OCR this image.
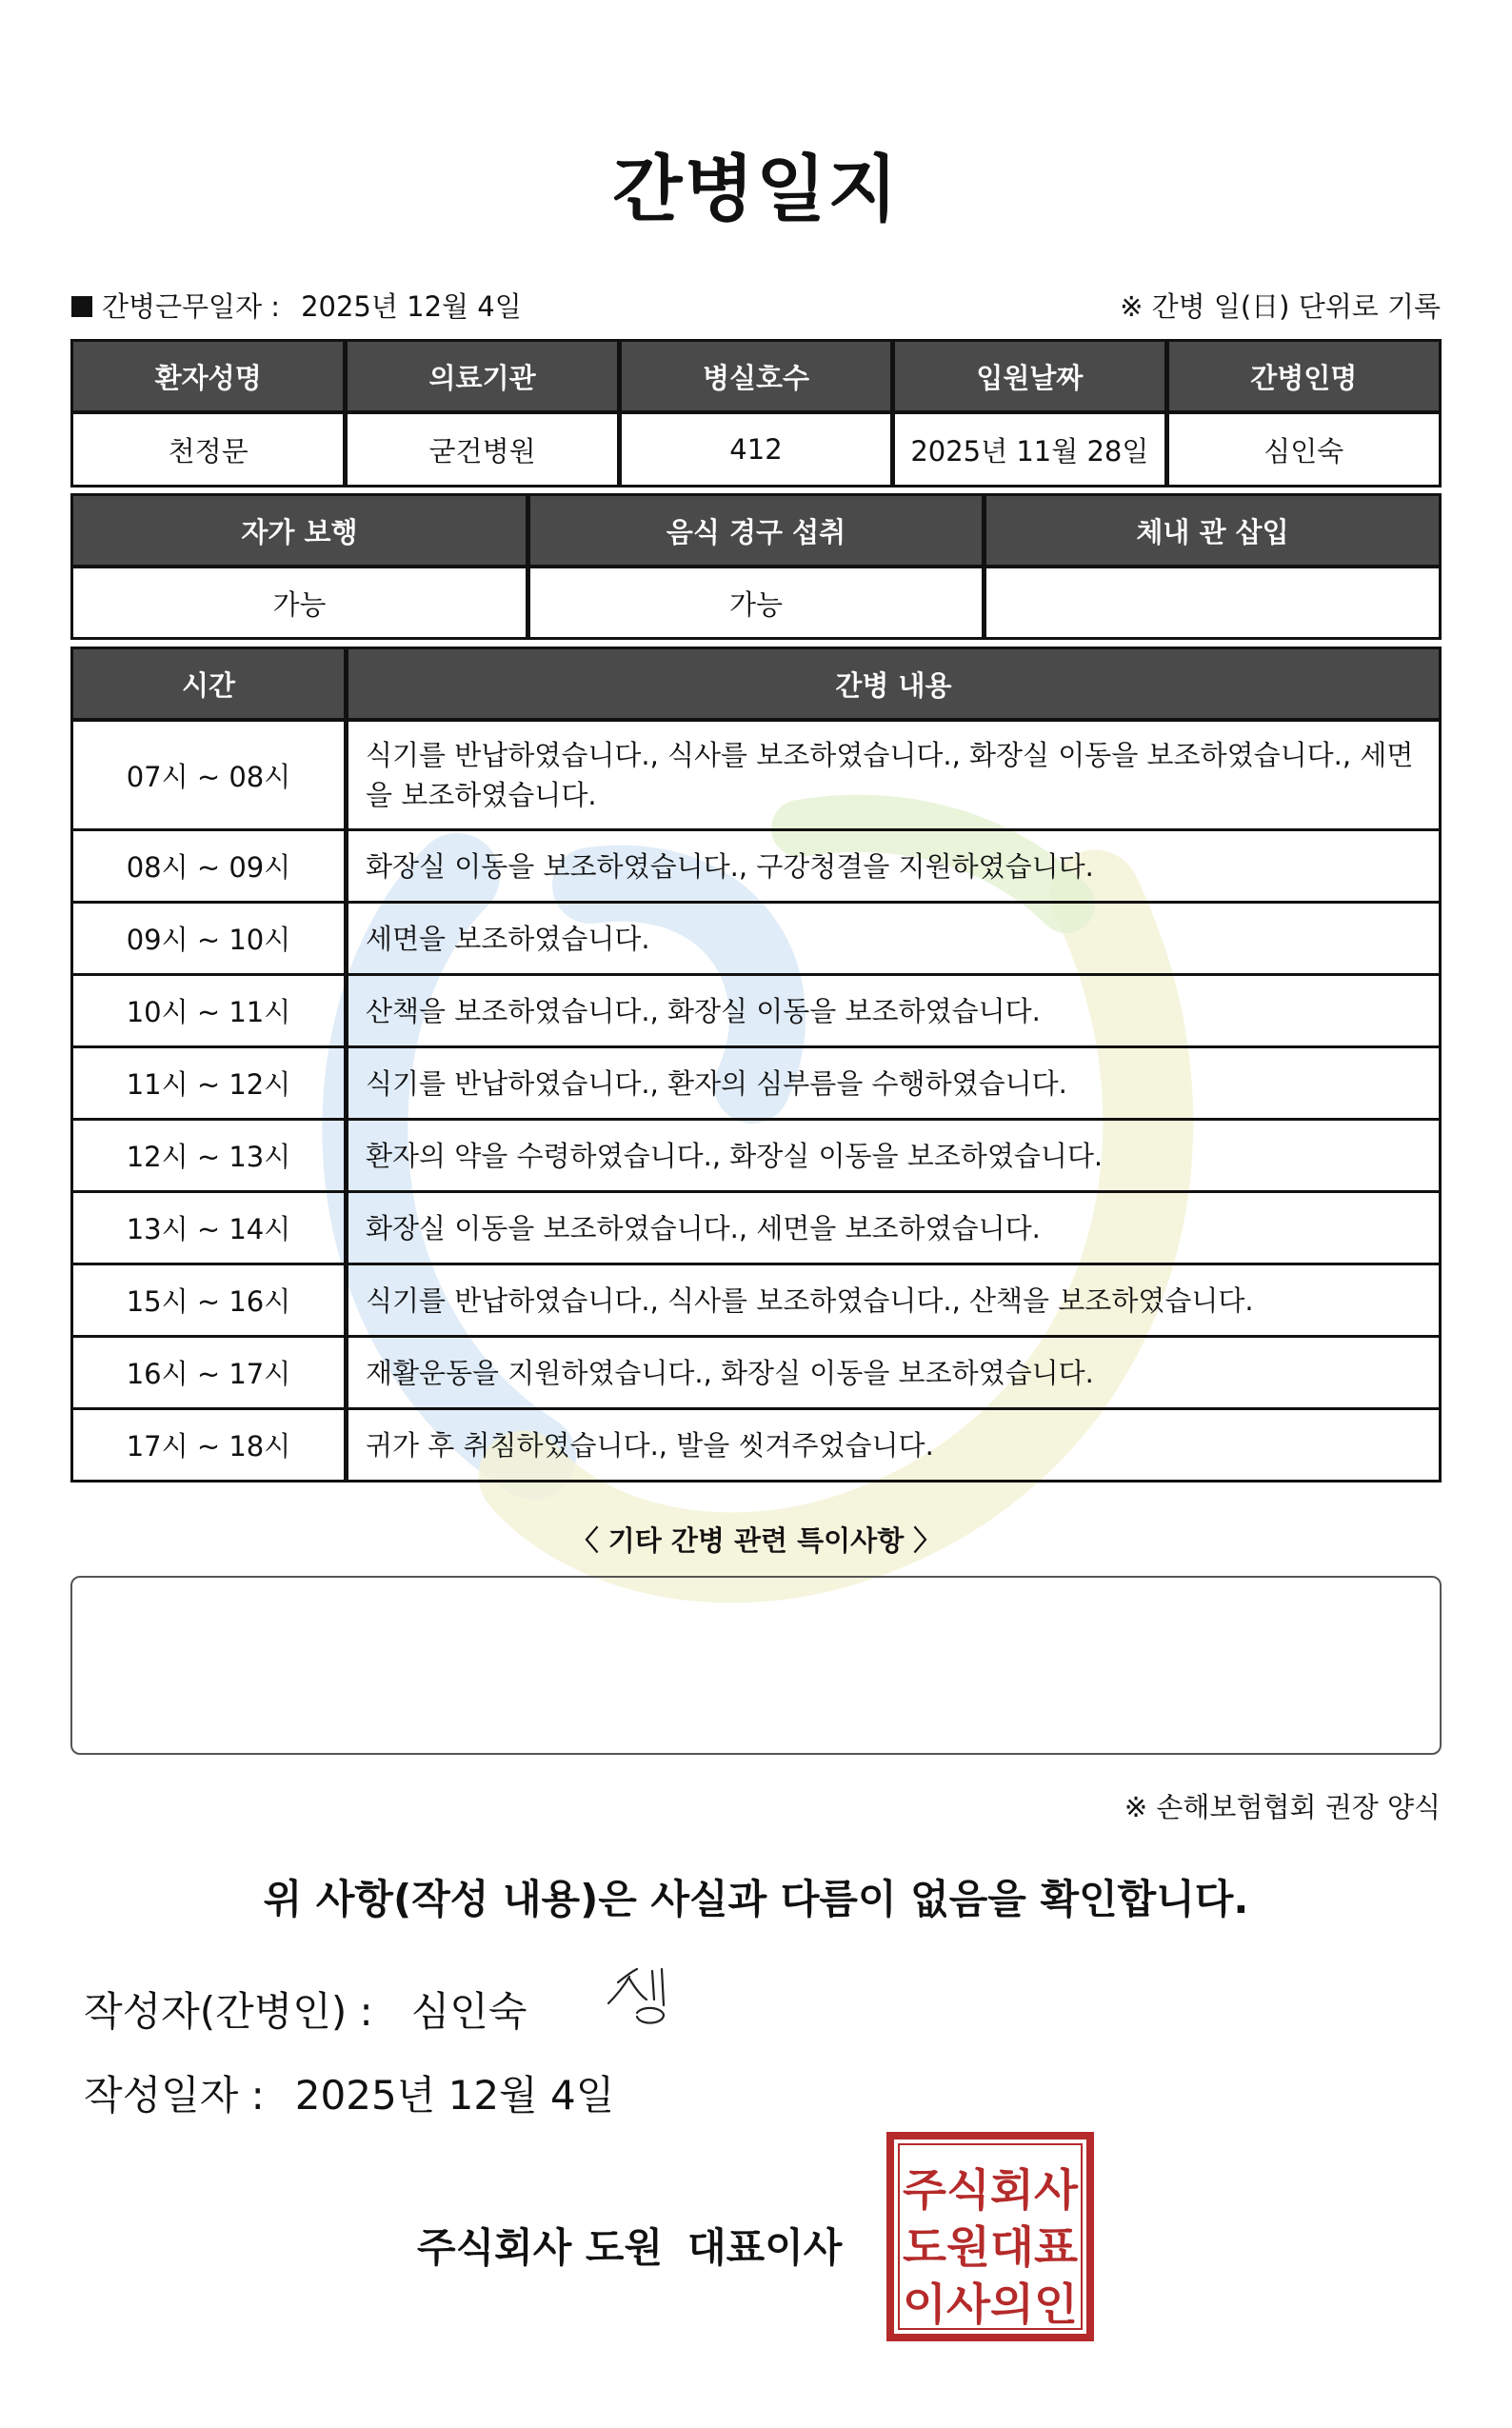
간병일지
간병근무일자 : 2025년 12월 4일	※ 간병 일(日) 단위로 기록
환자성명	의료기관	병실호수	입원날짜	간병인명
천정문	굳건병원	412	2025년 11월 28일	심인숙
자가 보행	음식 경구 섭취	체내 관 삽입
가능	가능	
시간	간병 내용
07시 ~ 08시	식기를 반납하였습니다., 식사를 보조하였습니다., 화장실 이동을 보조하였습니다., 세면을 보조하였습니다.
08시 ~ 09시	화장실 이동을 보조하였습니다., 구강청결을 지원하였습니다.
09시 ~ 10시	세면을 보조하였습니다.
10시 ~ 11시	산책을 보조하였습니다., 화장실 이동을 보조하였습니다.
11시 ~ 12시	식기를 반납하였습니다., 환자의 심부름을 수행하였습니다.
12시 ~ 13시	환자의 약을 수령하였습니다., 화장실 이동을 보조하였습니다.
13시 ~ 14시	화장실 이동을 보조하였습니다., 세면을 보조하였습니다.
15시 ~ 16시	식기를 반납하였습니다., 식사를 보조하였습니다., 산책을 보조하였습니다.
16시 ~ 17시	재활운동을 지원하였습니다., 화장실 이동을 보조하였습니다.
17시 ~ 18시	귀가 후 취침하였습니다., 발을 씻겨주었습니다.
〈 기타 간병 관련 특이사항 〉
※ 손해보험협회 권장 양식
위 사항(작성 내용)은 사실과 다름이 없음을 확인합니다.
작성자(간병인) : 심인숙
작성일자 : 2025년 12월 4일
주식회사 도원 대표이사
주식회사
도원대표
이사의인
